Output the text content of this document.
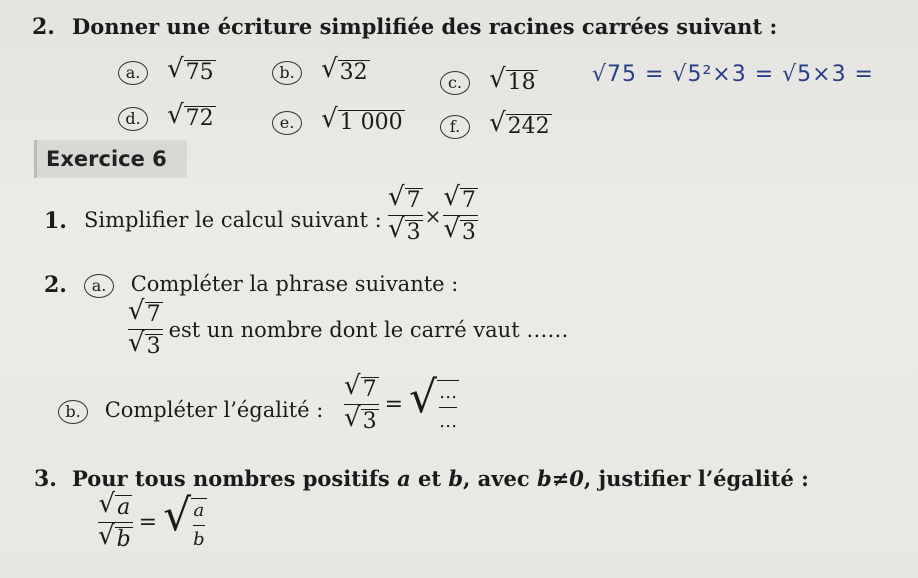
2. Donner une écriture simplifiée des racines carrées suivant :
a. √ 75	b. √ 32	c. √ 18	√75 = √5²×3 = √5×3 =
d. √ 72	e. √ 1 000	f. √ 242
Exercice 6
1. Simplifier le calcul suivant : $\frac{√ 7}{√ 3} \times \frac{√ 7}{√ 3}$
2.	a. Compléter la phrase suivante :
$\frac{√ 7}{√ 3}$ est un nombre dont le carré vaut ……
b. Compléter l’égalité : $\frac{√ 7}{√ 3}$ = √ $\frac{\dots}{\dots}$
3. Pour tous nombres positifs a et b, avec b≠0, justifier l’égalité :
$\frac{√ a}{√ b}$ = √ $\frac{a}{b}$
